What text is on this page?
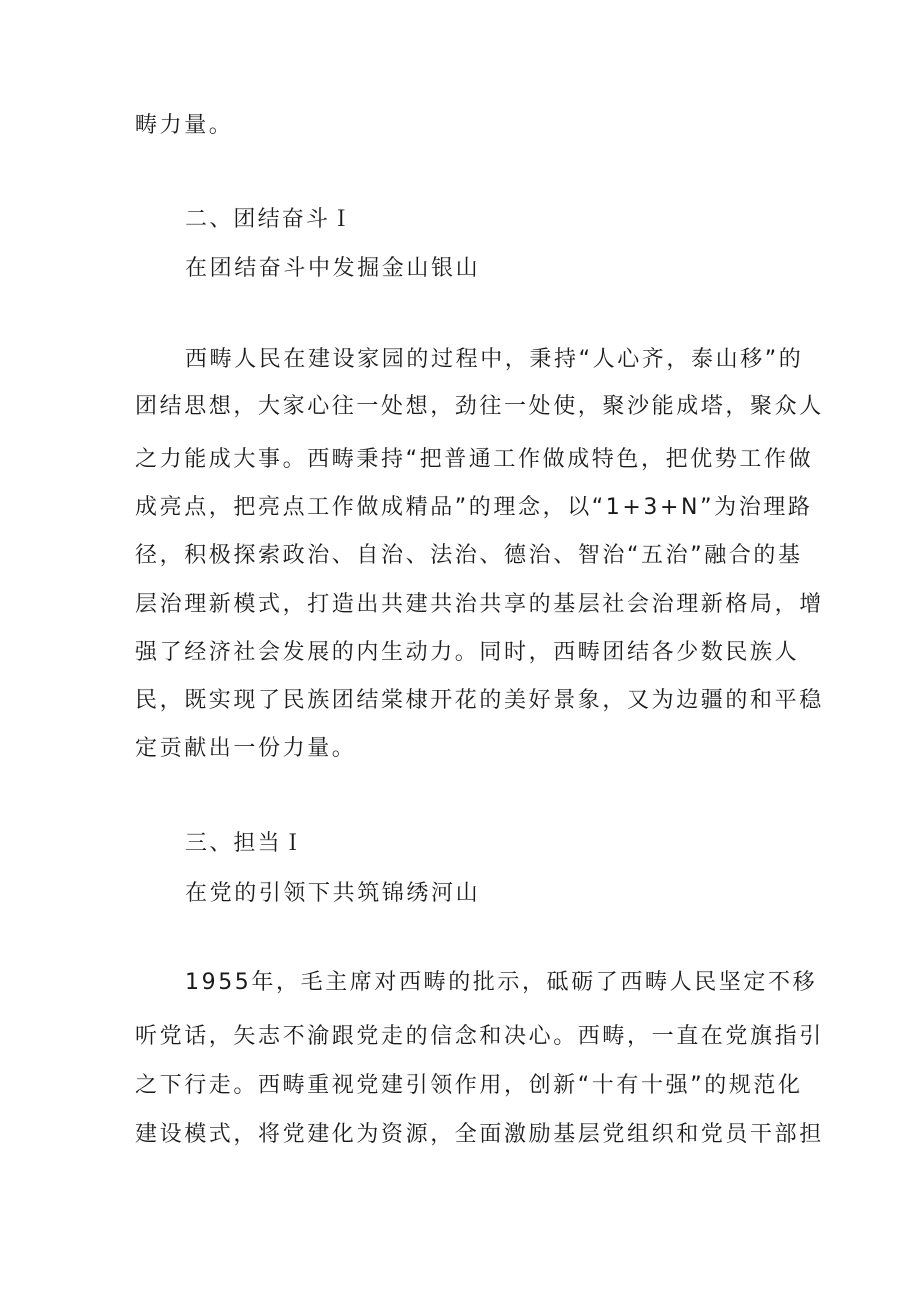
畴力量。
二、团结奋斗Ｉ
在团结奋斗中发掘金山银山
西畴人民在建设家园的过程中，秉持“人心齐，泰山移”的
团结思想，大家心往一处想，劲往一处使，聚沙能成塔，聚众人
之力能成大事。西畴秉持“把普通工作做成特色，把优势工作做
成亮点，把亮点工作做成精品”的理念，以“1+3+N”为治理路
径，积极探索政治、自治、法治、德治、智治“五治”融合的基
层治理新模式，打造出共建共治共享的基层社会治理新格局，增
强了经济社会发展的内生动力。同时，西畴团结各少数民族人
民，既实现了民族团结棠棣开花的美好景象，又为边疆的和平稳
定贡献出一份力量。
三、担当Ｉ
在党的引领下共筑锦绣河山
1955年，毛主席对西畴的批示，砥砺了西畴人民坚定不移
听党话，矢志不渝跟党走的信念和决心。西畴，一直在党旗指引
之下行走。西畴重视党建引领作用，创新“十有十强”的规范化
建设模式，将党建化为资源，全面激励基层党组织和党员干部担
